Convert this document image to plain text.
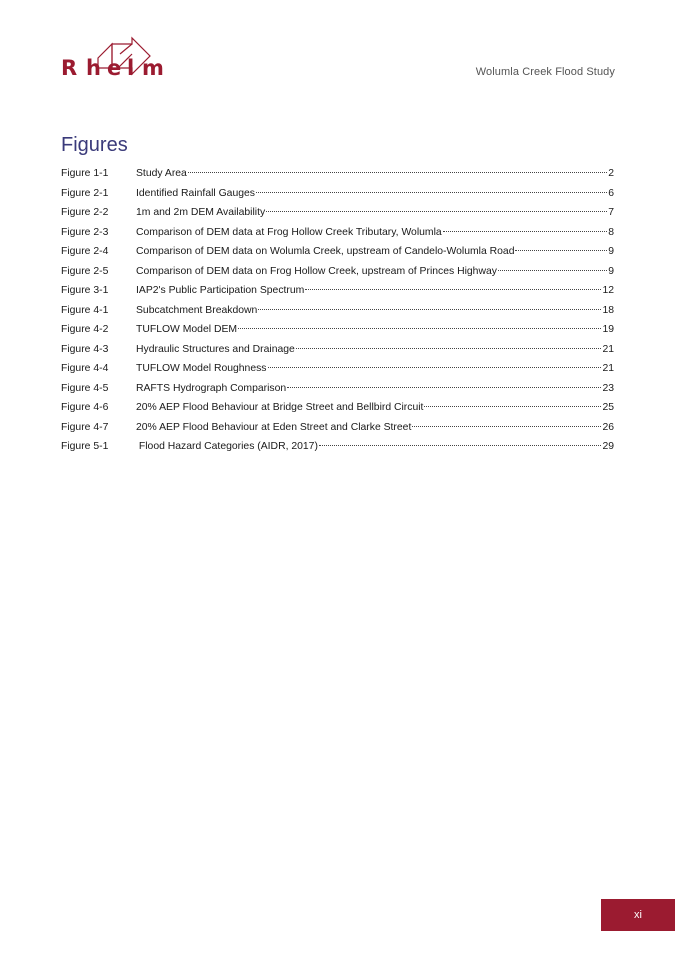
R h e l m	Wolumla Creek Flood Study
Figures
Figure 1-1	Study Area	2
Figure 2-1	Identified Rainfall Gauges	6
Figure 2-2	1m and 2m DEM Availability	7
Figure 2-3	Comparison of DEM data at Frog Hollow Creek Tributary, Wolumla	8
Figure 2-4	Comparison of DEM data on Wolumla Creek, upstream of Candelo-Wolumla Road	9
Figure 2-5	Comparison of DEM data on Frog Hollow Creek, upstream of Princes Highway	9
Figure 3-1	IAP2's Public Participation Spectrum	12
Figure 4-1	Subcatchment Breakdown	18
Figure 4-2	TUFLOW Model DEM	19
Figure 4-3	Hydraulic Structures and Drainage	21
Figure 4-4	TUFLOW Model Roughness	21
Figure 4-5	RAFTS Hydrograph Comparison	23
Figure 4-6	20% AEP Flood Behaviour at Bridge Street and Bellbird Circuit	25
Figure 4-7	20% AEP Flood Behaviour at Eden Street and Clarke Street	26
Figure 5-1	Flood Hazard Categories (AIDR, 2017)	29
xi
